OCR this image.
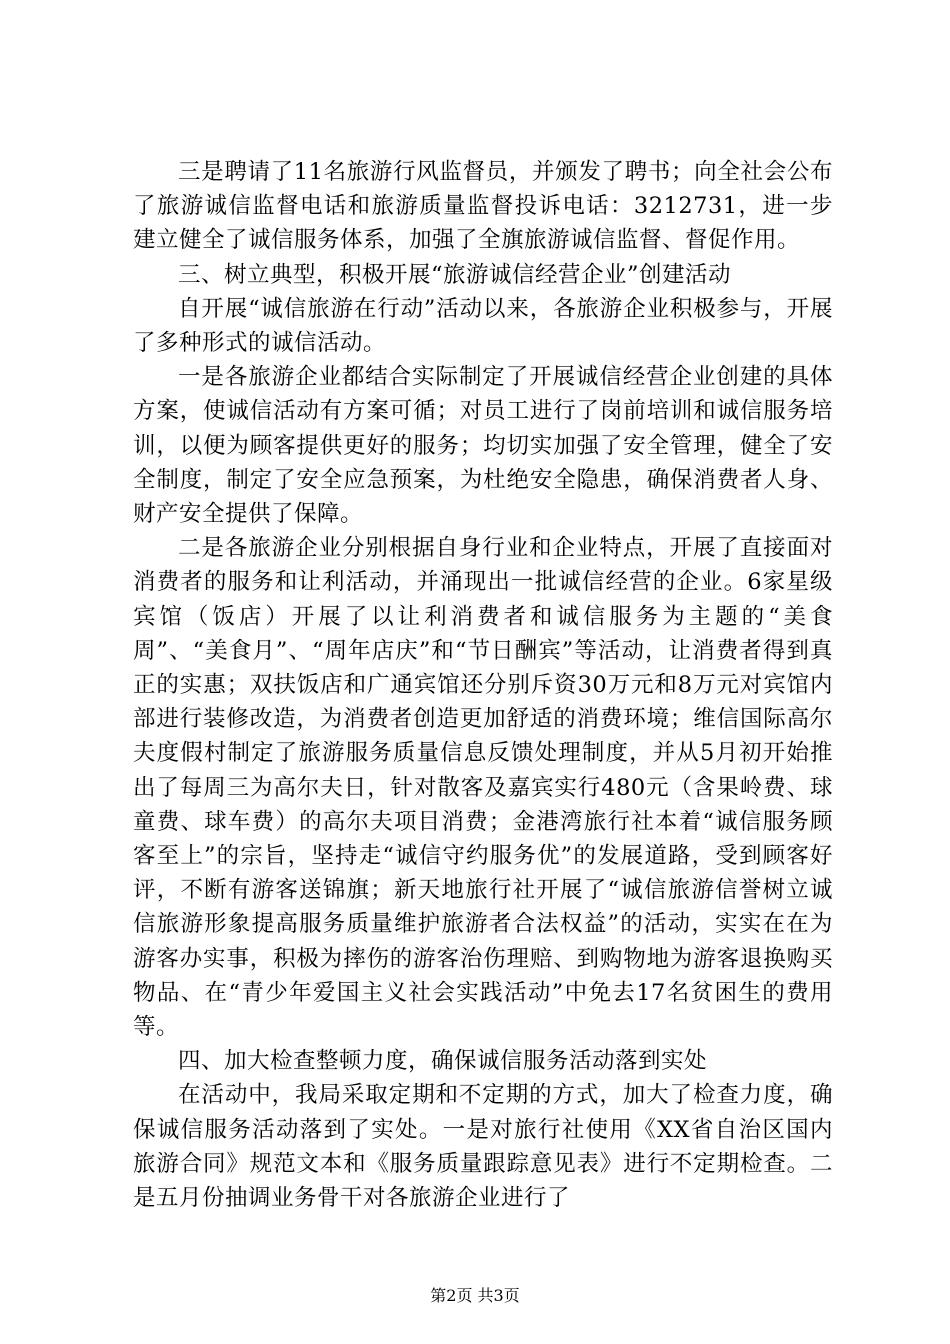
三是聘请了11名旅游行风监督员，并颁发了聘书；向全社会公布了旅游诚信监督电话和旅游质量监督投诉电话：3212731，进一步建立健全了诚信服务体系，加强了全旗旅游诚信监督、督促作用。

三、树立典型，积极开展“旅游诚信经营企业”创建活动

自开展“诚信旅游在行动”活动以来，各旅游企业积极参与，开展了多种形式的诚信活动。

一是各旅游企业都结合实际制定了开展诚信经营企业创建的具体方案，使诚信活动有方案可循；对员工进行了岗前培训和诚信服务培训，以便为顾客提供更好的服务；均切实加强了安全管理，健全了安全制度，制定了安全应急预案，为杜绝安全隐患，确保消费者人身、财产安全提供了保障。

二是各旅游企业分别根据自身行业和企业特点，开展了直接面对消费者的服务和让利活动，并涌现出一批诚信经营的企业。6家星级宾馆（饭店）开展了以让利消费者和诚信服务为主题的“美食周”、“美食月”、“周年店庆”和“节日酬宾”等活动，让消费者得到真正的实惠；双扶饭店和广通宾馆还分别斥资30万元和8万元对宾馆内部进行装修改造，为消费者创造更加舒适的消费环境；维信国际高尔夫度假村制定了旅游服务质量信息反馈处理制度，并从5月初开始推出了每周三为高尔夫日，针对散客及嘉宾实行480元（含果岭费、球童费、球车费）的高尔夫项目消费；金港湾旅行社本着“诚信服务顾客至上”的宗旨，坚持走“诚信守约服务优”的发展道路，受到顾客好评，不断有游客送锦旗；新天地旅行社开展了“诚信旅游信誉树立诚信旅游形象提高服务质量维护旅游者合法权益”的活动，实实在在为游客办实事，积极为摔伤的游客治伤理赔、到购物地为游客退换购买物品、在“青少年爱国主义社会实践活动”中免去17名贫困生的费用等。

四、加大检查整顿力度，确保诚信服务活动落到实处

在活动中，我局采取定期和不定期的方式，加大了检查力度，确保诚信服务活动落到了实处。一是对旅行社使用《XX省自治区国内旅游合同》规范文本和《服务质量跟踪意见表》进行不定期检查。二是五月份抽调业务骨干对各旅游企业进行了

第2页 共3页
